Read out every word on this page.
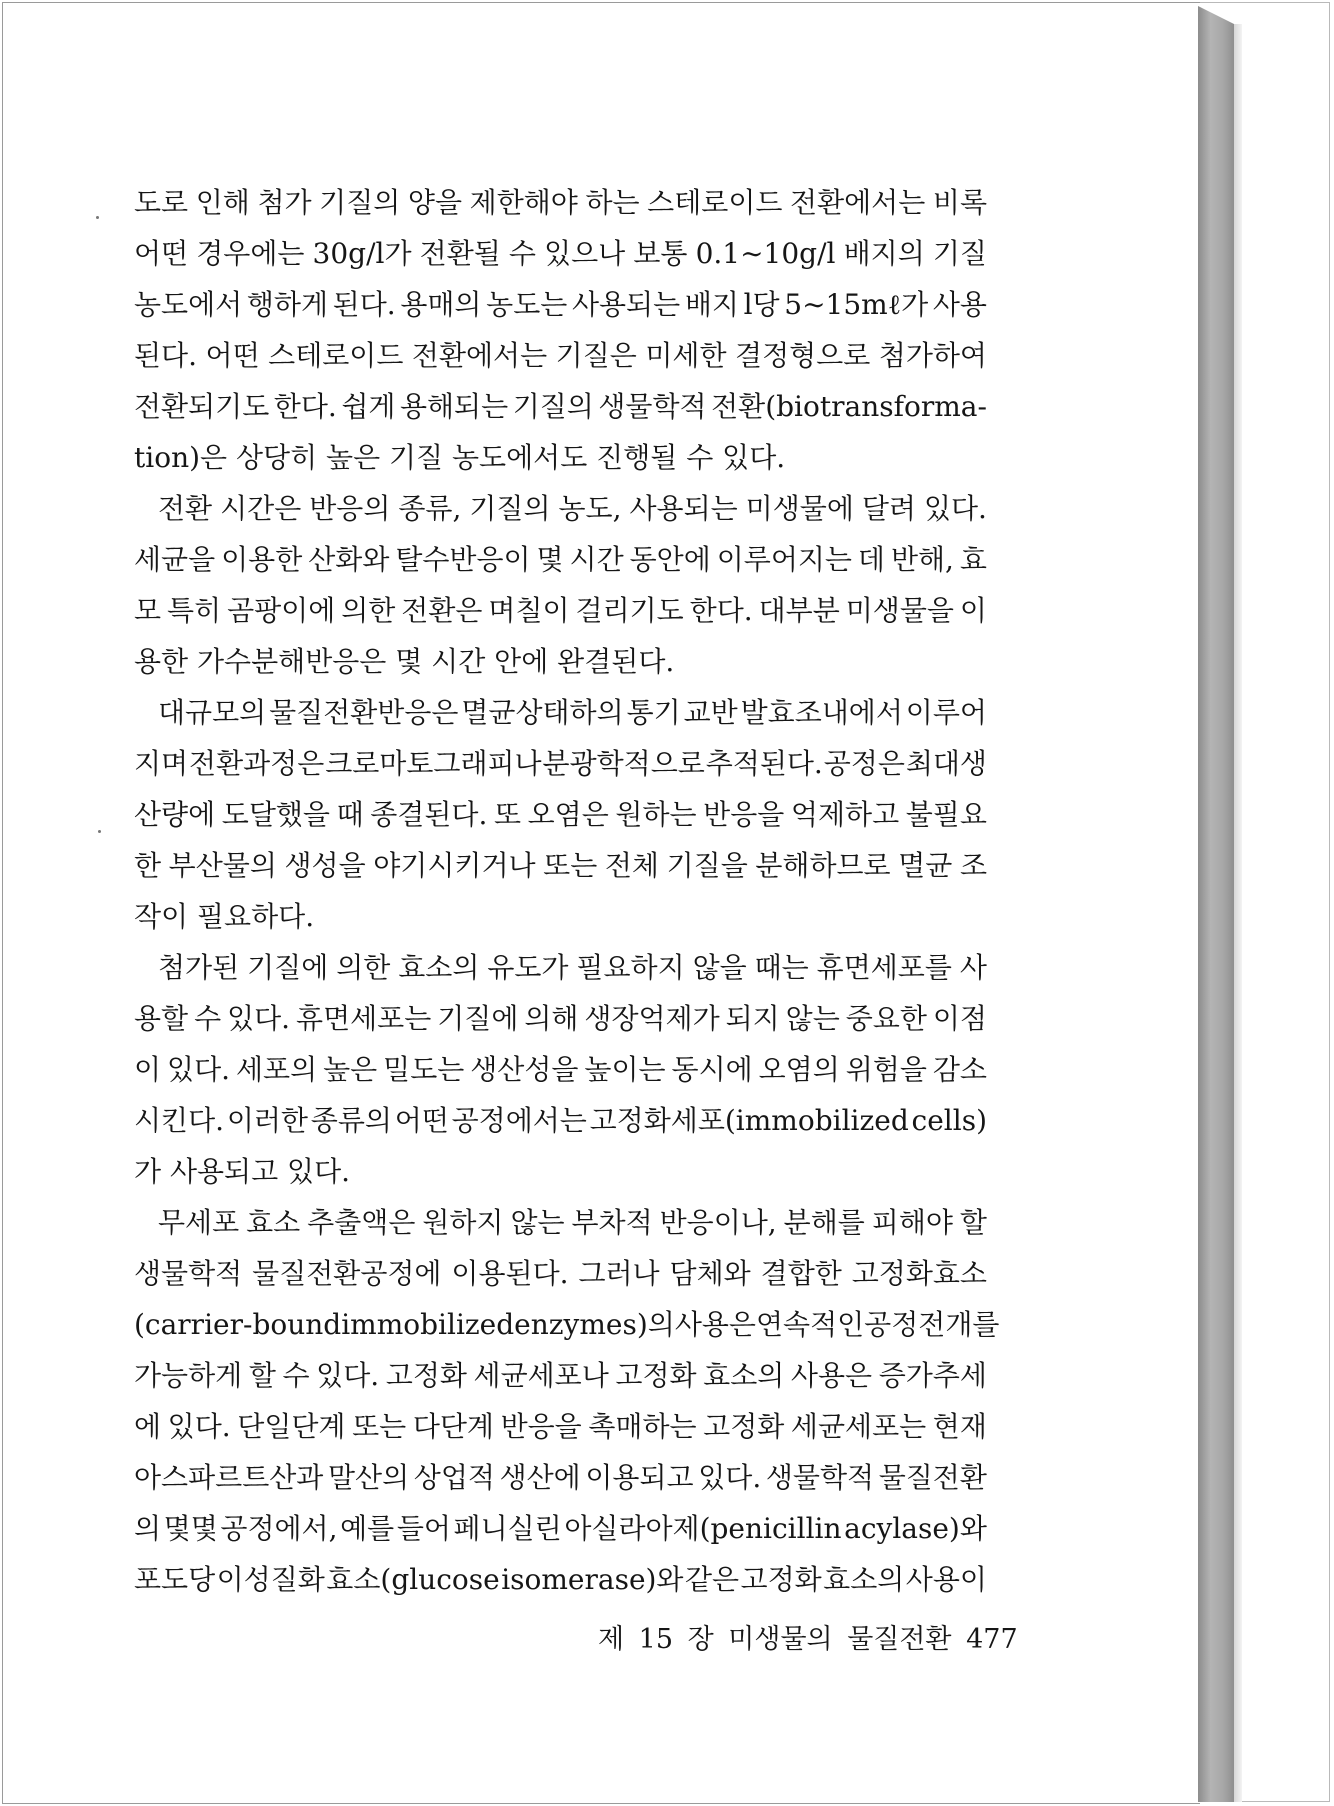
도로 인해 첨가 기질의 양을 제한해야 하는 스테로이드 전환에서는 비록
어떤 경우에는 30g/l가 전환될 수 있으나 보통 0.1∼10g/l 배지의 기질
농도에서 행하게 된다. 용매의 농도는 사용되는 배지 l당 5∼15mℓ가 사용
된다. 어떤 스테로이드 전환에서는 기질은 미세한 결정형으로 첨가하여
전환되기도 한다. 쉽게 용해되는 기질의 생물학적 전환(biotransforma-
tion)은 상당히 높은 기질 농도에서도 진행될 수 있다.
전환 시간은 반응의 종류, 기질의 농도, 사용되는 미생물에 달려 있다.
세균을 이용한 산화와 탈수반응이 몇 시간 동안에 이루어지는 데 반해, 효
모 특히 곰팡이에 의한 전환은 며칠이 걸리기도 한다. 대부분 미생물을 이
용한 가수분해반응은 몇 시간 안에 완결된다.
대규모의 물질전환반응은 멸균상태하의 통기 교반 발효조내에서 이루어
지며 전환과정은 크로마토그래피나 분광학적으로 추적된다. 공정은 최대생
산량에 도달했을 때 종결된다. 또 오염은 원하는 반응을 억제하고 불필요
한 부산물의 생성을 야기시키거나 또는 전체 기질을 분해하므로 멸균 조
작이 필요하다.
첨가된 기질에 의한 효소의 유도가 필요하지 않을 때는 휴면세포를 사
용할 수 있다. 휴면세포는 기질에 의해 생장억제가 되지 않는 중요한 이점
이 있다. 세포의 높은 밀도는 생산성을 높이는 동시에 오염의 위험을 감소
시킨다. 이러한 종류의 어떤 공정에서는 고정화세포(immobilized cells)
가 사용되고 있다.
무세포 효소 추출액은 원하지 않는 부차적 반응이나, 분해를 피해야 할
생물학적 물질전환공정에 이용된다. 그러나 담체와 결합한 고정화효소
(carrier-bound immobilized enzymes)의 사용은 연속적인 공정 전개를
가능하게 할 수 있다. 고정화 세균세포나 고정화 효소의 사용은 증가추세
에 있다. 단일단계 또는 다단계 반응을 촉매하는 고정화 세균세포는 현재
아스파르트산과 말산의 상업적 생산에 이용되고 있다. 생물학적 물질전환
의 몇몇 공정에서, 예를 들어 페니실린 아실라아제(penicillin acylase)와
포도당 이성질화 효소(glucose isomerase)와 같은 고정화 효소의 사용이
제 15 장 미생물의 물질전환 477
